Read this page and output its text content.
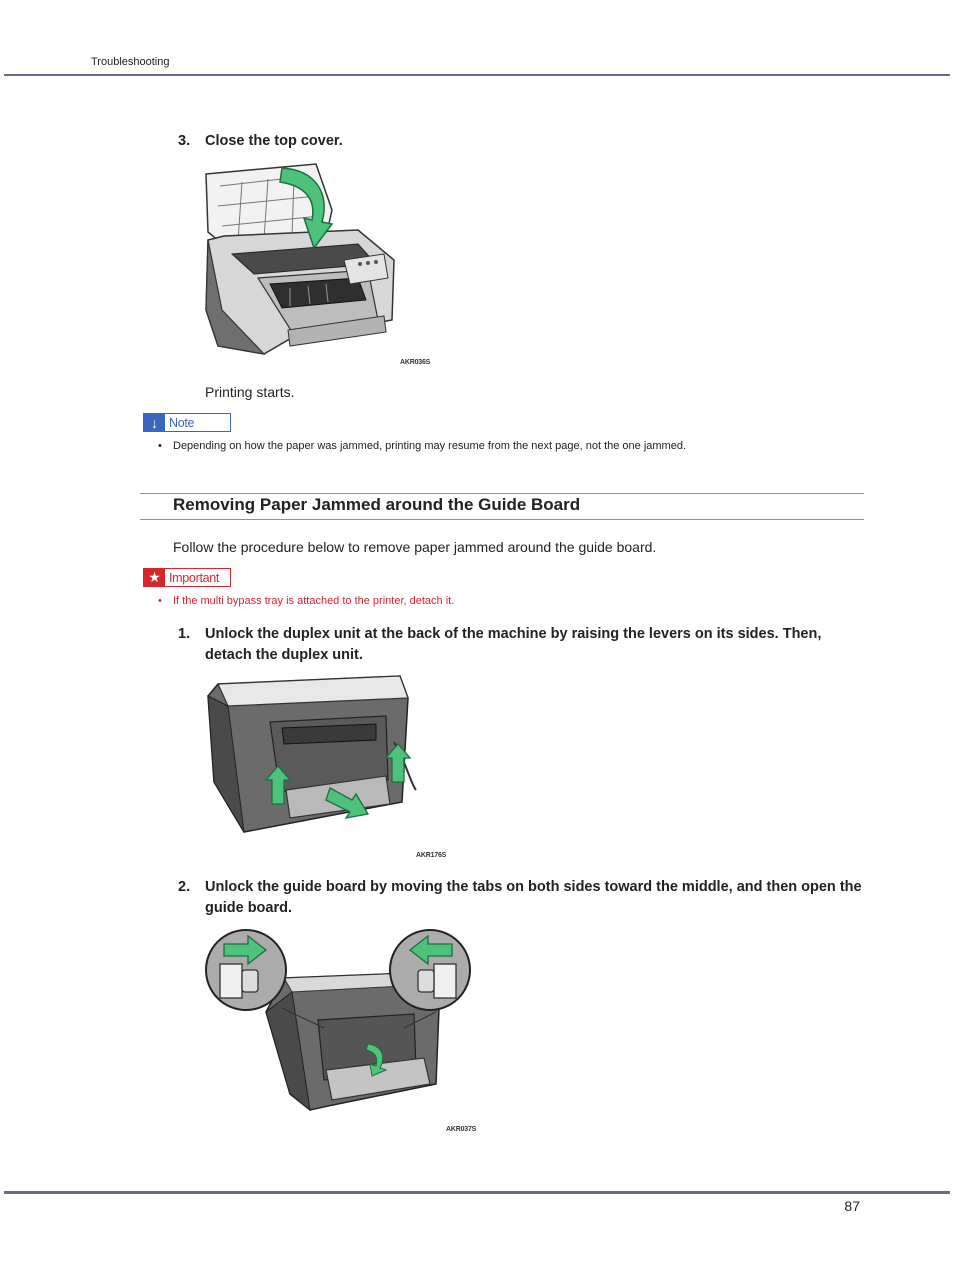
Troubleshooting
3. Close the top cover.
AKR036S
Printing starts.
↓ Note
• Depending on how the paper was jammed, printing may resume from the next page, not the one jammed.
Removing Paper Jammed around the Guide Board
Follow the procedure below to remove paper jammed around the guide board.
★ Important
• If the multi bypass tray is attached to the printer, detach it.
1. Unlock the duplex unit at the back of the machine by raising the levers on its sides. Then, detach the duplex unit.
AKR176S
2. Unlock the guide board by moving the tabs on both sides toward the middle, and then open the guide board.
AKR037S
87
